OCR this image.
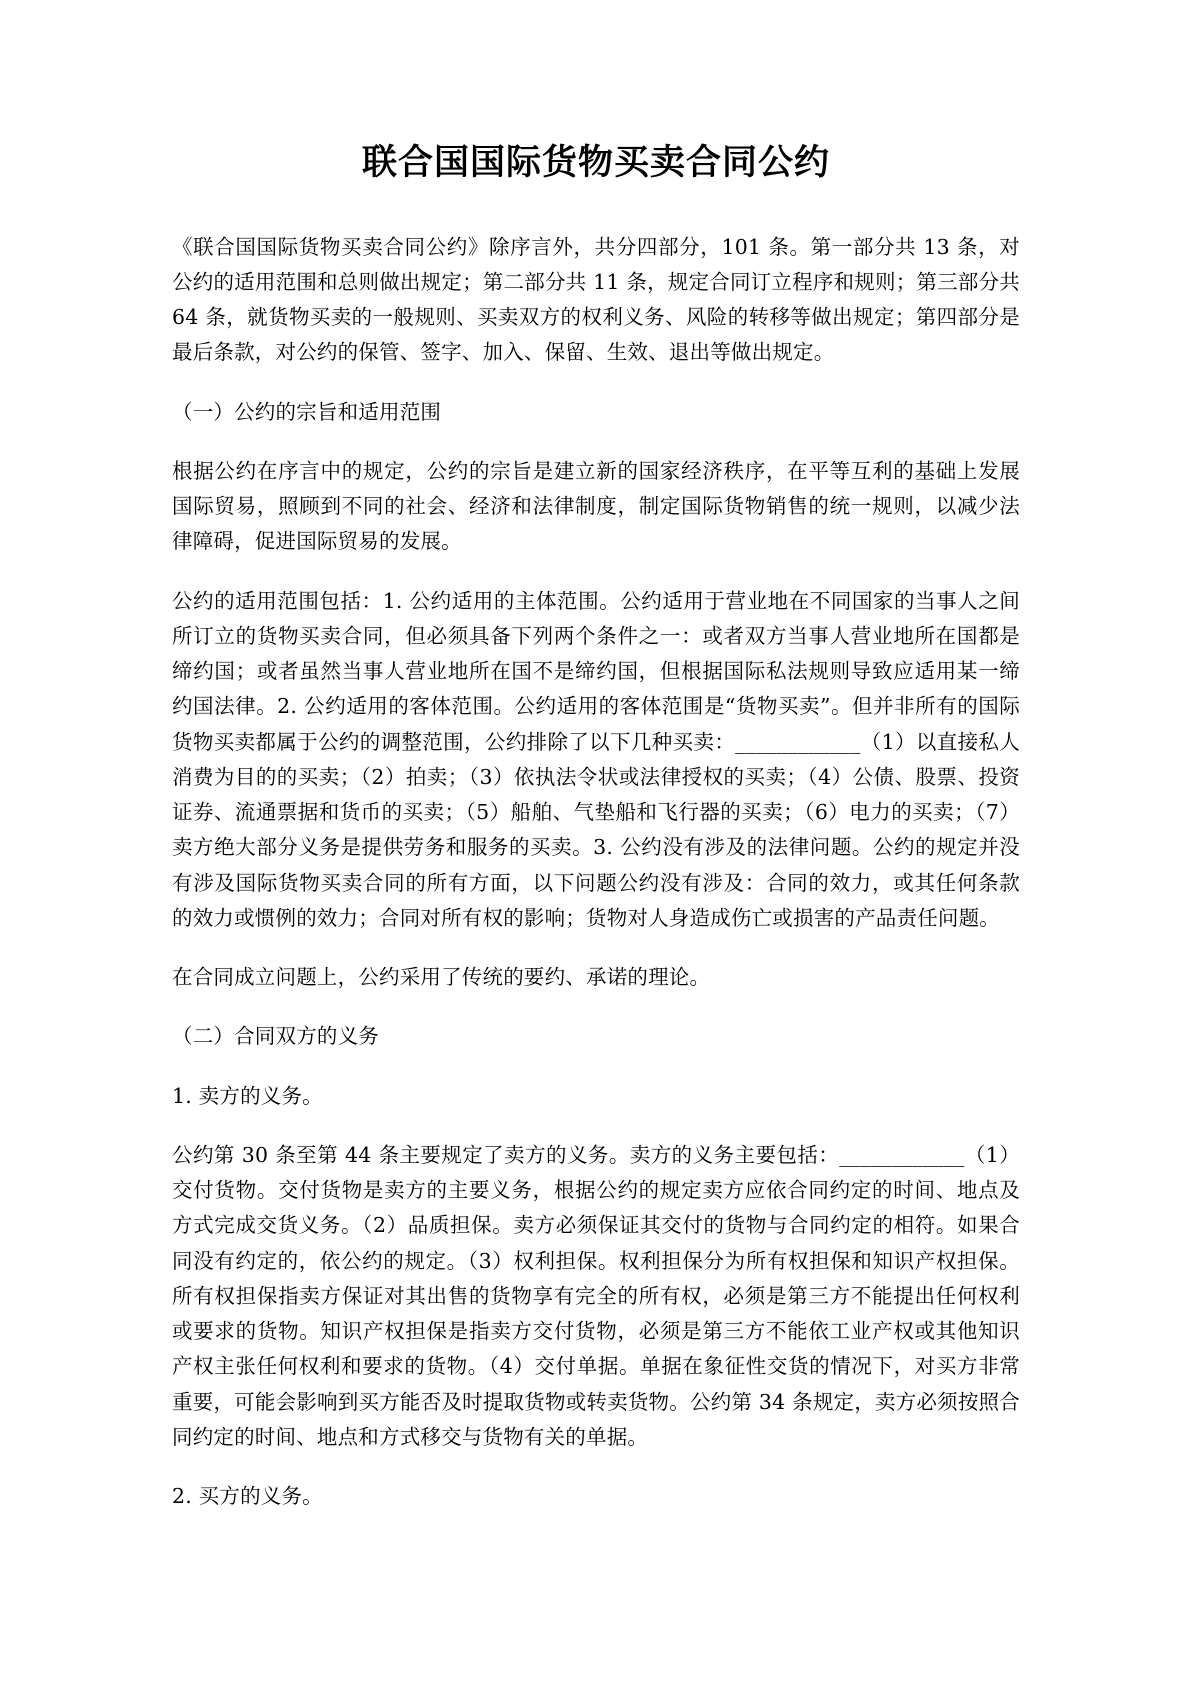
联合国国际货物买卖合同公约

《联合国国际货物买卖合同公约》除序言外，共分四部分，101 条。第一部分共 13 条，对公约的适用范围和总则做出规定；第二部分共 11 条，规定合同订立程序和规则；第三部分共 64 条，就货物买卖的一般规则、买卖双方的权利义务、风险的转移等做出规定；第四部分是最后条款，对公约的保管、签字、加入、保留、生效、退出等做出规定。

（一）公约的宗旨和适用范围

根据公约在序言中的规定，公约的宗旨是建立新的国家经济秩序，在平等互利的基础上发展国际贸易，照顾到不同的社会、经济和法律制度，制定国际货物销售的统一规则，以减少法律障碍，促进国际贸易的发展。

公约的适用范围包括：1. 公约适用的主体范围。公约适用于营业地在不同国家的当事人之间所订立的货物买卖合同，但必须具备下列两个条件之一：或者双方当事人营业地所在国都是缔约国；或者虽然当事人营业地所在国不是缔约国，但根据国际私法规则导致应适用某一缔约国法律。2. 公约适用的客体范围。公约适用的客体范围是“货物买卖”。但并非所有的国际货物买卖都属于公约的调整范围，公约排除了以下几种买卖：____________（1）以直接私人消费为目的的买卖；（2）拍卖；（3）依执法令状或法律授权的买卖；（4）公债、股票、投资证券、流通票据和货币的买卖；（5）船舶、气垫船和飞行器的买卖；（6）电力的买卖；（7）卖方绝大部分义务是提供劳务和服务的买卖。3. 公约没有涉及的法律问题。公约的规定并没有涉及国际货物买卖合同的所有方面，以下问题公约没有涉及：合同的效力，或其任何条款的效力或惯例的效力；合同对所有权的影响；货物对人身造成伤亡或损害的产品责任问题。

在合同成立问题上，公约采用了传统的要约、承诺的理论。

（二）合同双方的义务

1. 卖方的义务。

公约第 30 条至第 44 条主要规定了卖方的义务。卖方的义务主要包括：____________（1）交付货物。交付货物是卖方的主要义务，根据公约的规定卖方应依合同约定的时间、地点及方式完成交货义务。（2）品质担保。卖方必须保证其交付的货物与合同约定的相符。如果合同没有约定的，依公约的规定。（3）权利担保。权利担保分为所有权担保和知识产权担保。所有权担保指卖方保证对其出售的货物享有完全的所有权，必须是第三方不能提出任何权利或要求的货物。知识产权担保是指卖方交付货物，必须是第三方不能依工业产权或其他知识产权主张任何权利和要求的货物。（4）交付单据。单据在象征性交货的情况下，对买方非常重要，可能会影响到买方能否及时提取货物或转卖货物。公约第 34 条规定，卖方必须按照合同约定的时间、地点和方式移交与货物有关的单据。

2. 买方的义务。
